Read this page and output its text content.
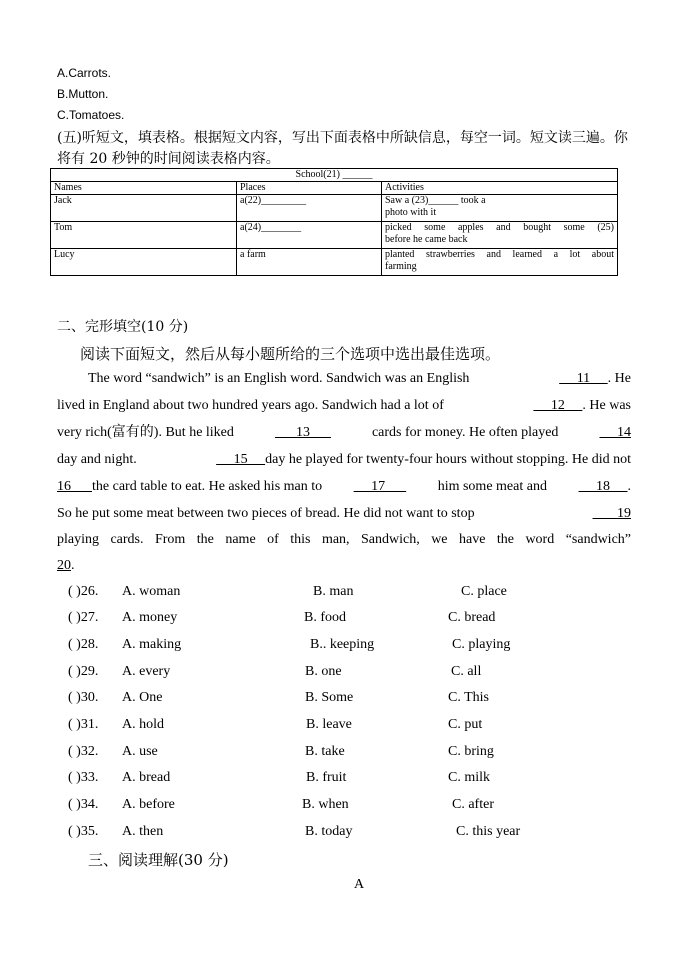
A.Carrots.
B.Mutton.
C.Tomatoes.
(五)听短文，填表格。根据短文内容，写出下面表格中所缺信息，每空一词。短文读三遍。你
将有 20 秒钟的时间阅读表格内容。
School(21) ______		
Names	Places	Activities
Jack	a(22)_________	Saw a (23)______ took a
photo with it

Tom	a(24)________	picked some apples and bought some (25)
before he came back

Lucy	a farm	planted strawberries and learned a lot about
farming
二、完形填空(10 分)
阅读下面短文，然后从每小题所给的三个选项中选出最佳选项。
The word “sandwich” is an English word. Sandwich was an English	11     . He
lived in England about two hundred years ago. Sandwich had a lot of	12     . He was
very rich(富有的). But he liked	13	cards for money. He often played	14
day and night.	15     day he played for twenty-four hours without stopping. He did not
16      the card table to eat. He asked his man to 17 him some meat and 18     .
So he put some meat between two pieces of bread. He did not want to stop	19
playing  cards.  From  the  name  of  this  man,  Sandwich,  we  have  the  word  “sandwich”
20.
( )26. A. woman	B. man	C. place
( )27. A. money	B. food	C. bread
( )28. A. making	B.. keeping	C. playing
( )29. A. every	B. one	C. all
( )30. A. One	B. Some	C. This
( )31. A. hold	B. leave	C. put
( )32. A. use	B. take	C. bring
( )33. A. bread	B. fruit	C. milk
( )34. A. before	B. when	C. after
( )35. A. then	B. today	C. this year
三、阅读理解(30 分)
A
